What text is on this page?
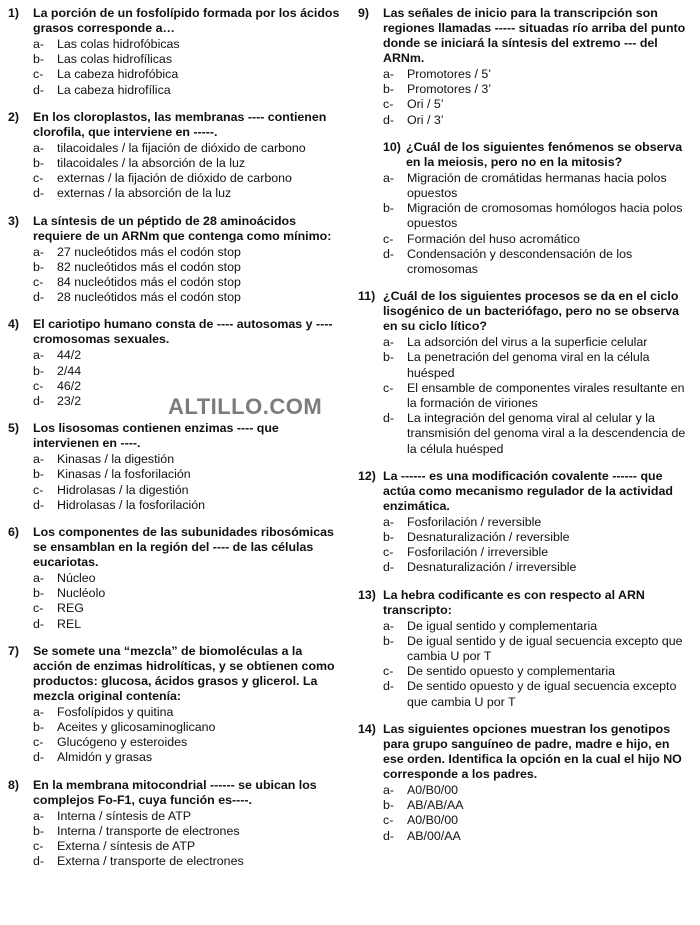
1) La porción de un fosfolípido formada por los ácidos grasos corresponde a…
a- Las colas hidrofóbicas
b- Las colas hidrofílicas
c- La cabeza hidrofóbica
d- La cabeza hidrofílica
2) En los cloroplastos, las membranas ---- contienen clorofila, que interviene en -----.
a- tilacoidales / la fijación de dióxido de carbono
b- tilacoidales / la absorción de la luz
c- externas / la fijación de dióxido de carbono
d- externas / la absorción de la luz
3) La síntesis de un péptido de 28 aminoácidos requiere de un ARNm que contenga como mínimo:
a- 27 nucleótidos más el codón stop
b- 82 nucleótidos más el codón stop
c- 84 nucleótidos más el codón stop
d- 28 nucleótidos más el codón stop
4) El cariotipo humano consta de ---- autosomas y ----cromosomas sexuales.
a- 44/2
b- 2/44
c- 46/2
d- 23/2
5) Los lisosomas contienen enzimas ---- que intervienen en ----.
a- Kinasas / la digestión
b- Kinasas / la fosforilación
c- Hidrolasas / la digestión
d- Hidrolasas / la fosforilación
6) Los componentes de las subunidades ribosómicas se ensamblan en la región del ---- de las células eucariotas.
a- Núcleo
b- Nucléolo
c- REG
d- REL
7) Se somete una “mezcla” de biomoléculas a la acción de enzimas hidrolíticas, y se obtienen como productos: glucosa, ácidos grasos y glicerol. La mezcla original contenía:
a- Fosfolípidos y quitina
b- Aceites y glicosaminoglicano
c- Glucógeno y esteroides
d- Almidón y grasas
8) En la membrana mitocondrial ------ se ubican los complejos Fo-F1, cuya función es----.
a- Interna / síntesis de ATP
b- Interna / transporte de electrones
c- Externa / síntesis de ATP
d- Externa / transporte de electrones
9) Las señales de inicio para la transcripción son regiones llamadas ----- situadas río arriba del punto donde se iniciará la síntesis del extremo --- del ARNm.
a- Promotores / 5’
b- Promotores / 3’
c- Ori / 5’
d- Ori / 3’
10) ¿Cuál de los siguientes fenómenos se observa en la meiosis, pero no en la mitosis?
a- Migración de cromátidas hermanas hacia polos opuestos
b- Migración de cromosomas homólogos hacia polos opuestos
c- Formación del huso acromático
d- Condensación y descondensación de los cromosomas
11) ¿Cuál de los siguientes procesos se da en el ciclo lisogénico de un bacteriófago, pero no se observa en su ciclo lítico?
a- La adsorción del virus a la superficie celular
b- La penetración del genoma viral en la célula huésped
c- El ensamble de componentes virales resultante en la formación de viriones
d- La integración del genoma viral al celular y la transmisión del genoma viral a la descendencia de la célula huésped
12) La ------ es una modificación covalente ------ que actúa como mecanismo regulador de la actividad enzimática.
a- Fosforilación / reversible
b- Desnaturalización / reversible
c- Fosforilación / irreversible
d- Desnaturalización / irreversible
13) La hebra codificante es con respecto al ARN transcripto:
a- De igual sentido y complementaria
b- De igual sentido y de igual secuencia excepto que cambia U por T
c- De sentido opuesto y complementaria
d- De sentido opuesto y de igual secuencia excepto que cambia U por T
14) Las siguientes opciones muestran los genotipos para grupo sanguíneo de padre, madre e hijo, en ese orden. Identifica la opción en la cual el hijo NO corresponde a los padres.
a- A0/B0/00
b- AB/AB/AA
c- A0/B0/00
d- AB/00/AA
ALTILLO.COM
